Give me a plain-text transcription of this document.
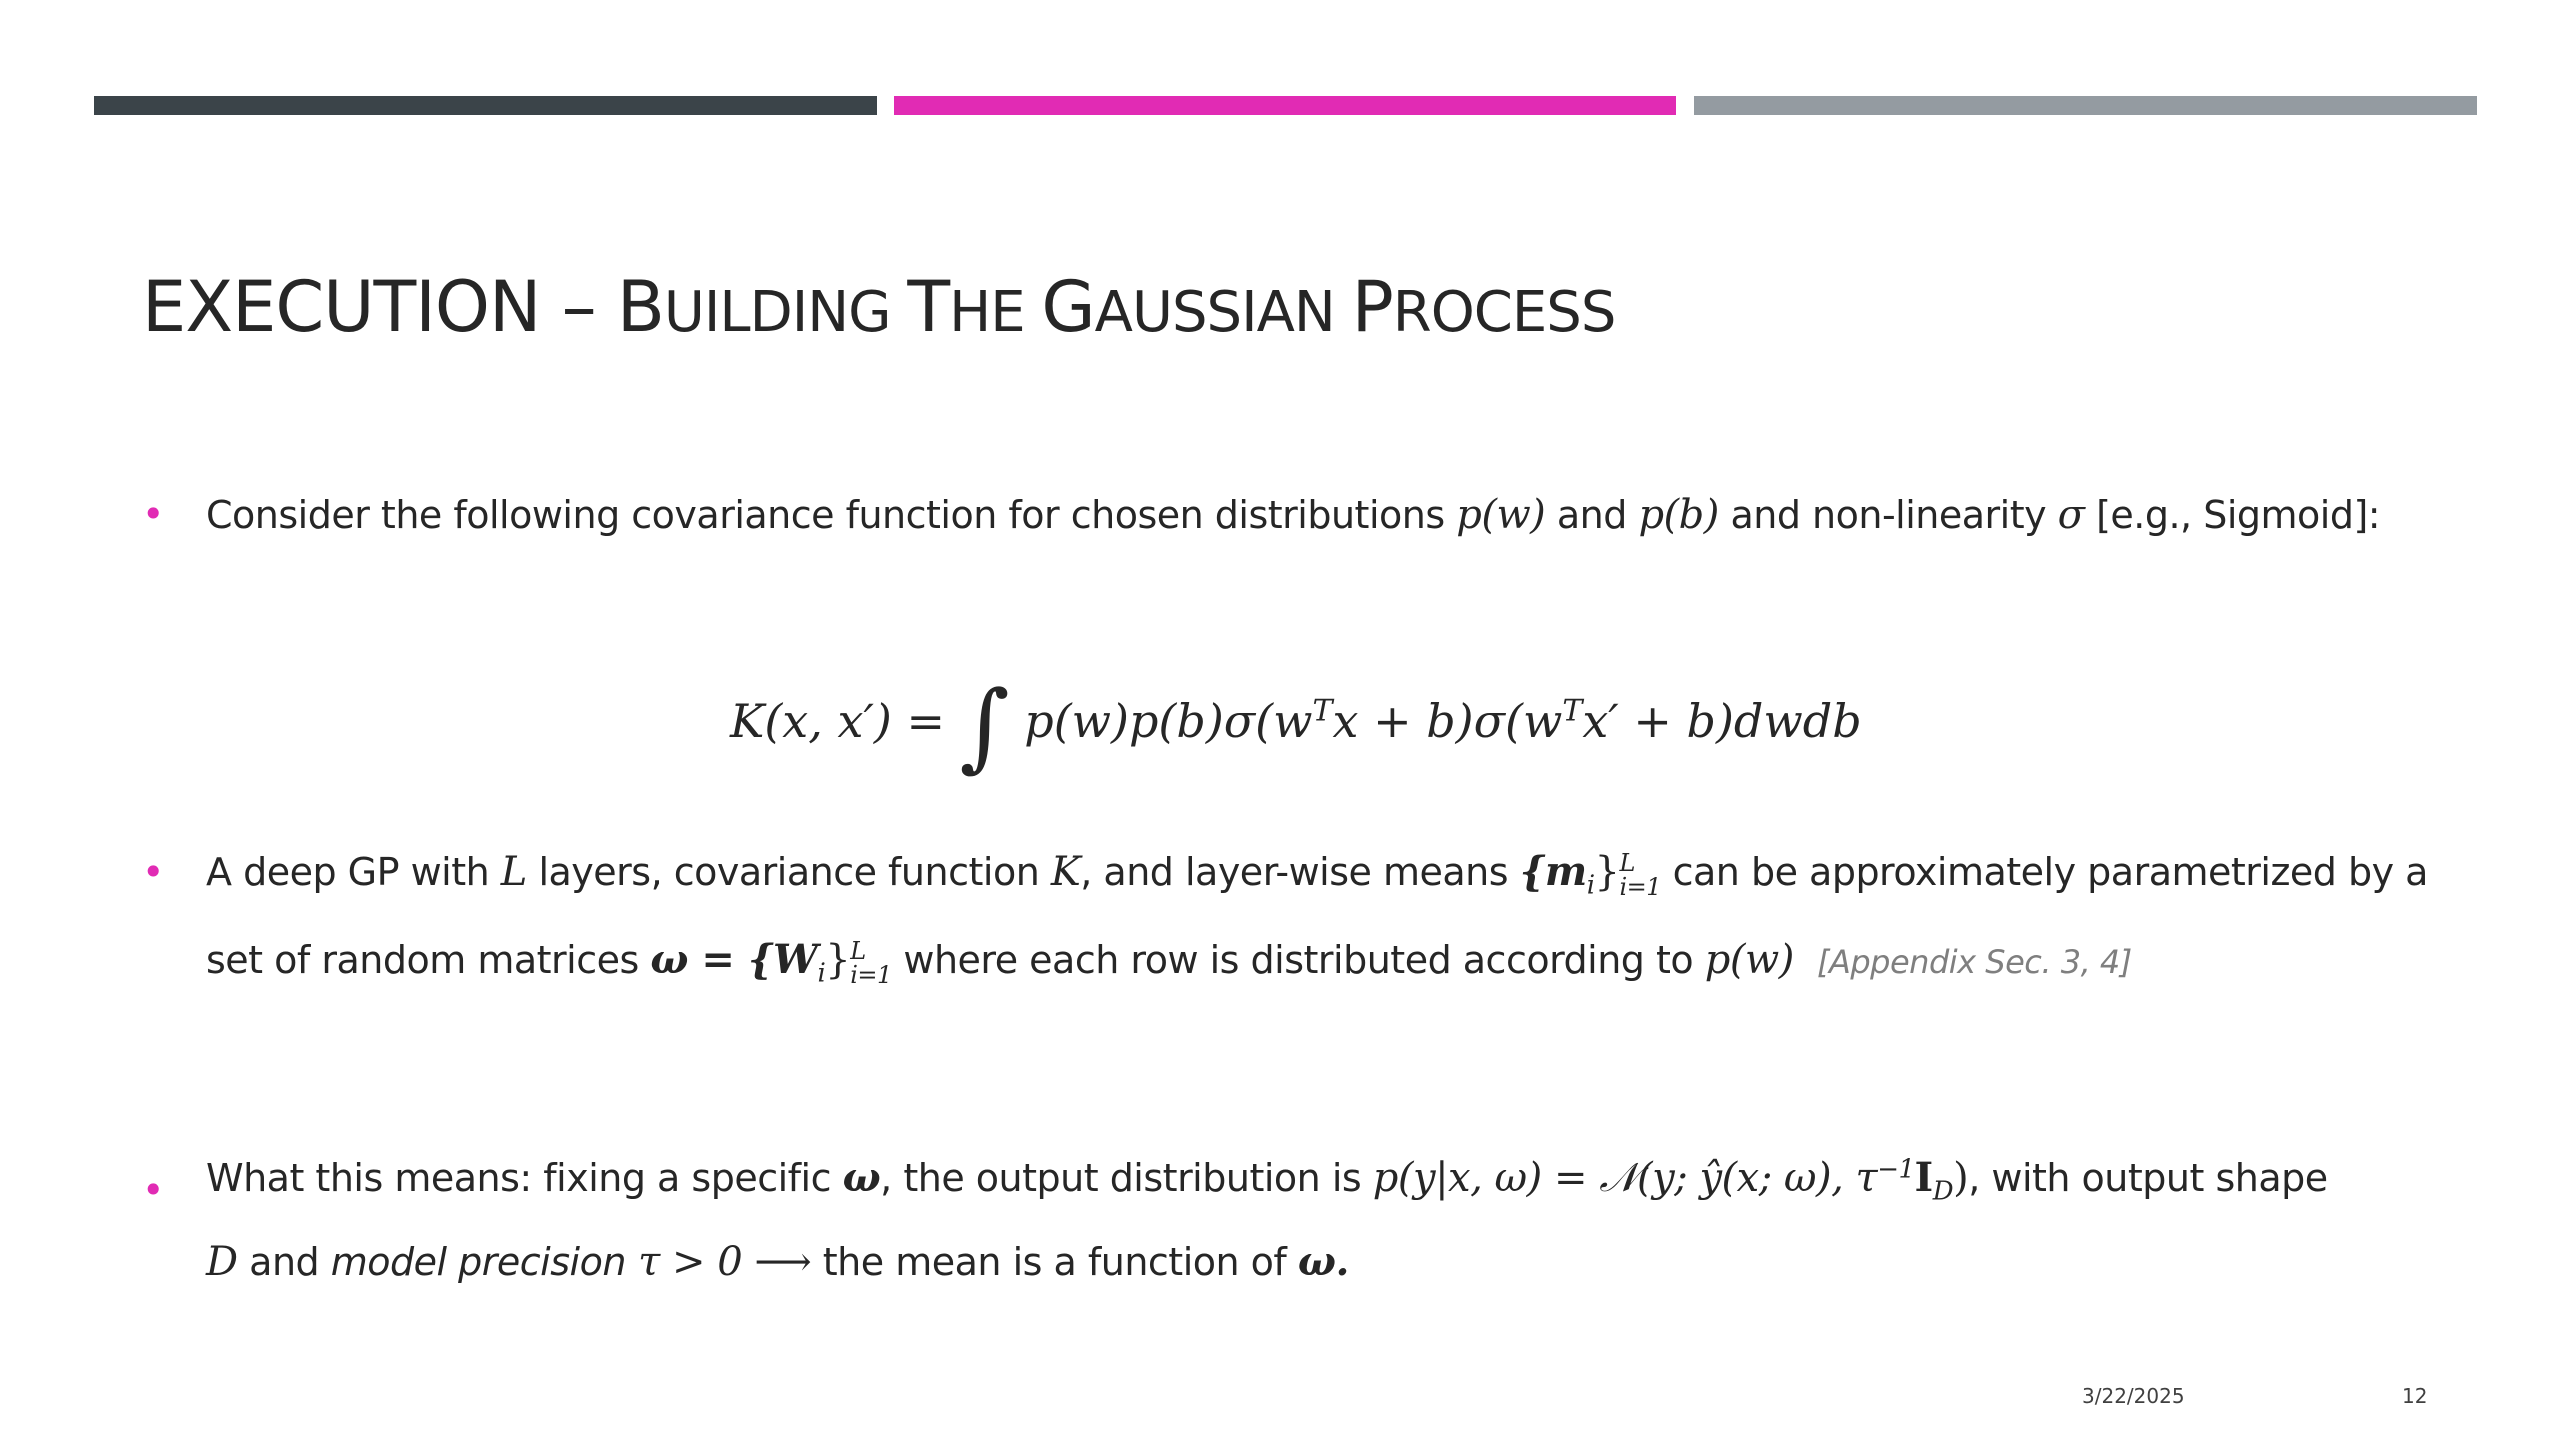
EXECUTION – BUILDING THE GAUSSIAN PROCESS
• Consider the following covariance function for chosen distributions p(w) and p(b) and non-linearity σ [e.g., Sigmoid]:

K(x, x′) = ∫ $p(w)p(b)\sigma(w^Tx + b)\sigma(w^Tx'$ + b)dwdb
• A deep GP with L layers, covariance function K, and layer-wise means $\{m_i\}$ L
i=1 can be approximately parametrized by a

set of random matrices $\omega = \{W_i\}$ L
i=1 where each row is distributed according to p(w) [Appendix Sec. 3, 4]

• What this means: fixing a specific ω, the output distribution is p(y|x, ω) = 𝒩(y; ŷ(x; ω), $\tau^{-1}I_D$), with output shape

D and model precision τ > 0 ⟶ the mean is a function of ω.

3/22/2025	12
